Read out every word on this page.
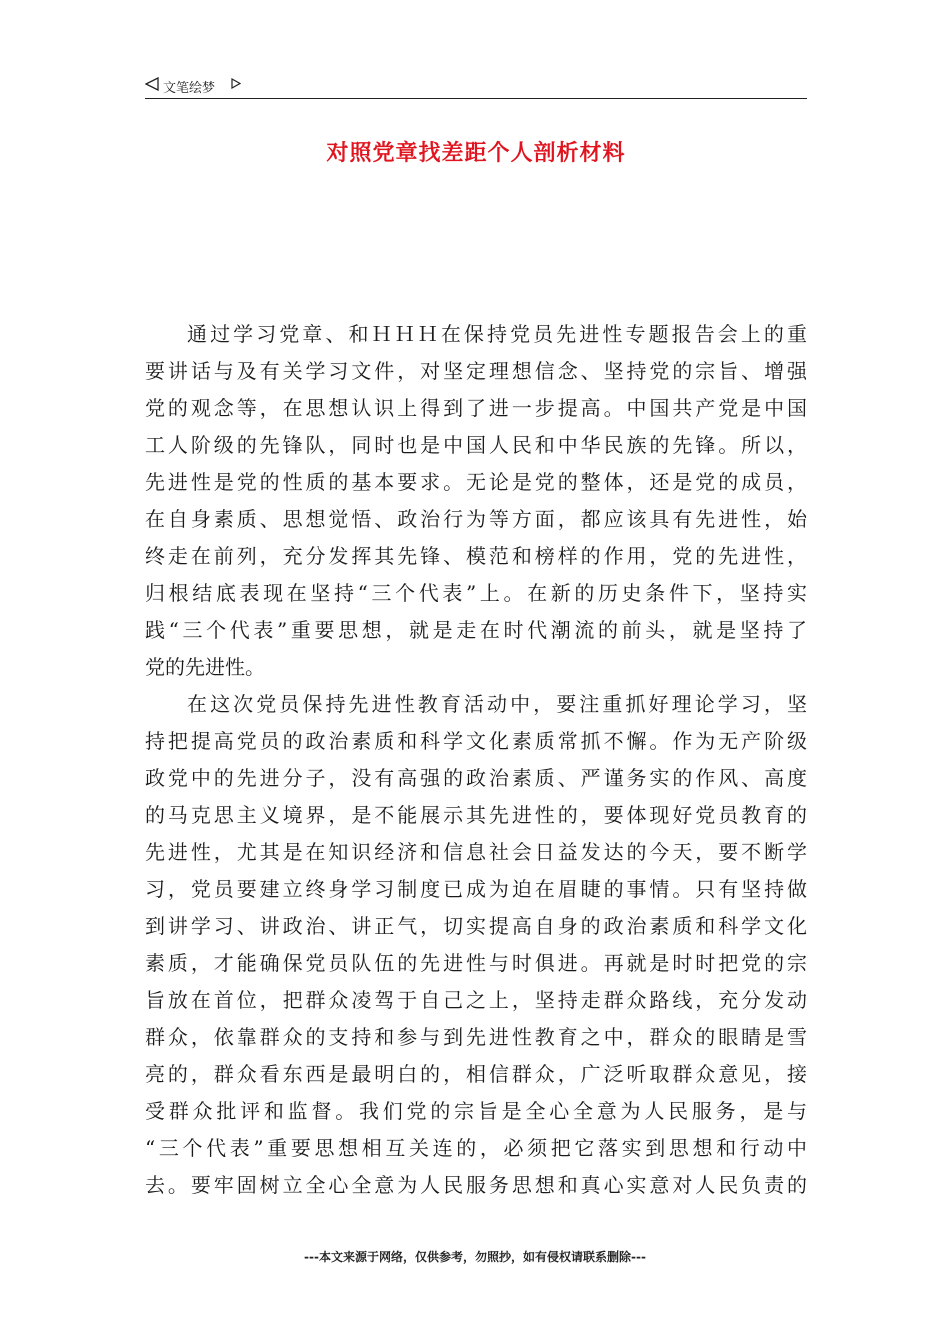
文笔绘梦
对照党章找差距个人剖析材料
通过学习党章、和ＨＨＨ在保持党员先进性专题报告会上的重
要讲话与及有关学习文件，对坚定理想信念、坚持党的宗旨、增强
党的观念等，在思想认识上得到了进一步提高。中国共产党是中国
工人阶级的先锋队，同时也是中国人民和中华民族的先锋。所以，
先进性是党的性质的基本要求。无论是党的整体，还是党的成员，
在自身素质、思想觉悟、政治行为等方面，都应该具有先进性，始
终走在前列，充分发挥其先锋、模范和榜样的作用，党的先进性，
归根结底表现在坚持“三个代表”上。在新的历史条件下，坚持实
践“三个代表”重要思想，就是走在时代潮流的前头，就是坚持了
党的先进性。
在这次党员保持先进性教育活动中，要注重抓好理论学习，坚
持把提高党员的政治素质和科学文化素质常抓不懈。作为无产阶级
政党中的先进分子，没有高强的政治素质、严谨务实的作风、高度
的马克思主义境界，是不能展示其先进性的，要体现好党员教育的
先进性，尤其是在知识经济和信息社会日益发达的今天，要不断学
习，党员要建立终身学习制度已成为迫在眉睫的事情。只有坚持做
到讲学习、讲政治、讲正气，切实提高自身的政治素质和科学文化
素质，才能确保党员队伍的先进性与时俱进。再就是时时把党的宗
旨放在首位，把群众凌驾于自己之上，坚持走群众路线，充分发动
群众，依靠群众的支持和参与到先进性教育之中，群众的眼睛是雪
亮的，群众看东西是最明白的，相信群众，广泛听取群众意见，接
受群众批评和监督。我们党的宗旨是全心全意为人民服务，是与
“三个代表”重要思想相互关连的，必须把它落实到思想和行动中
去。要牢固树立全心全意为人民服务思想和真心实意对人民负责的
---本文来源于网络，仅供参考，勿照抄，如有侵权请联系删除---
